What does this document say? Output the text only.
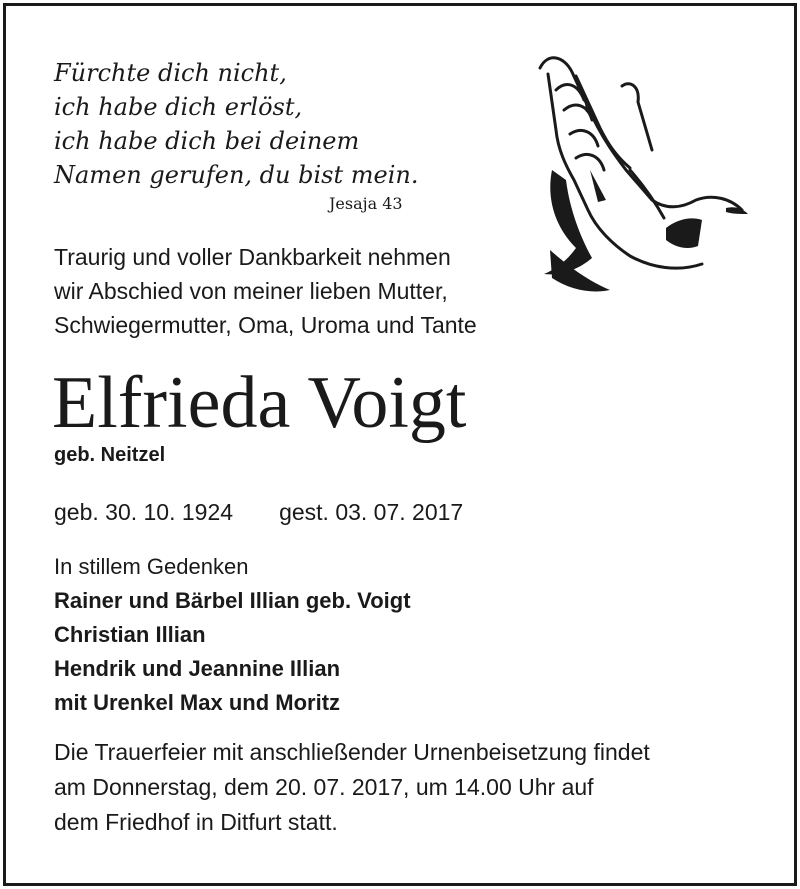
Fürchte dich nicht,
ich habe dich erlöst,
ich habe dich bei deinem
Namen gerufen, du bist mein.
Jesaja 43
Traurig und voller Dankbarkeit nehmen
wir Abschied von meiner lieben Mutter,
Schwiegermutter, Oma, Uroma und Tante
Elfrieda Voigt
geb. Neitzel
geb. 30. 10. 1924 gest. 03. 07. 2017
In stillem Gedenken
Rainer und Bärbel Illian geb. Voigt
Christian Illian
Hendrik und Jeannine Illian
mit Urenkel Max und Moritz
Die Trauerfeier mit anschließender Urnenbeisetzung findet
am Donnerstag, dem 20. 07. 2017, um 14.00 Uhr auf
dem Friedhof in Ditfurt statt.
